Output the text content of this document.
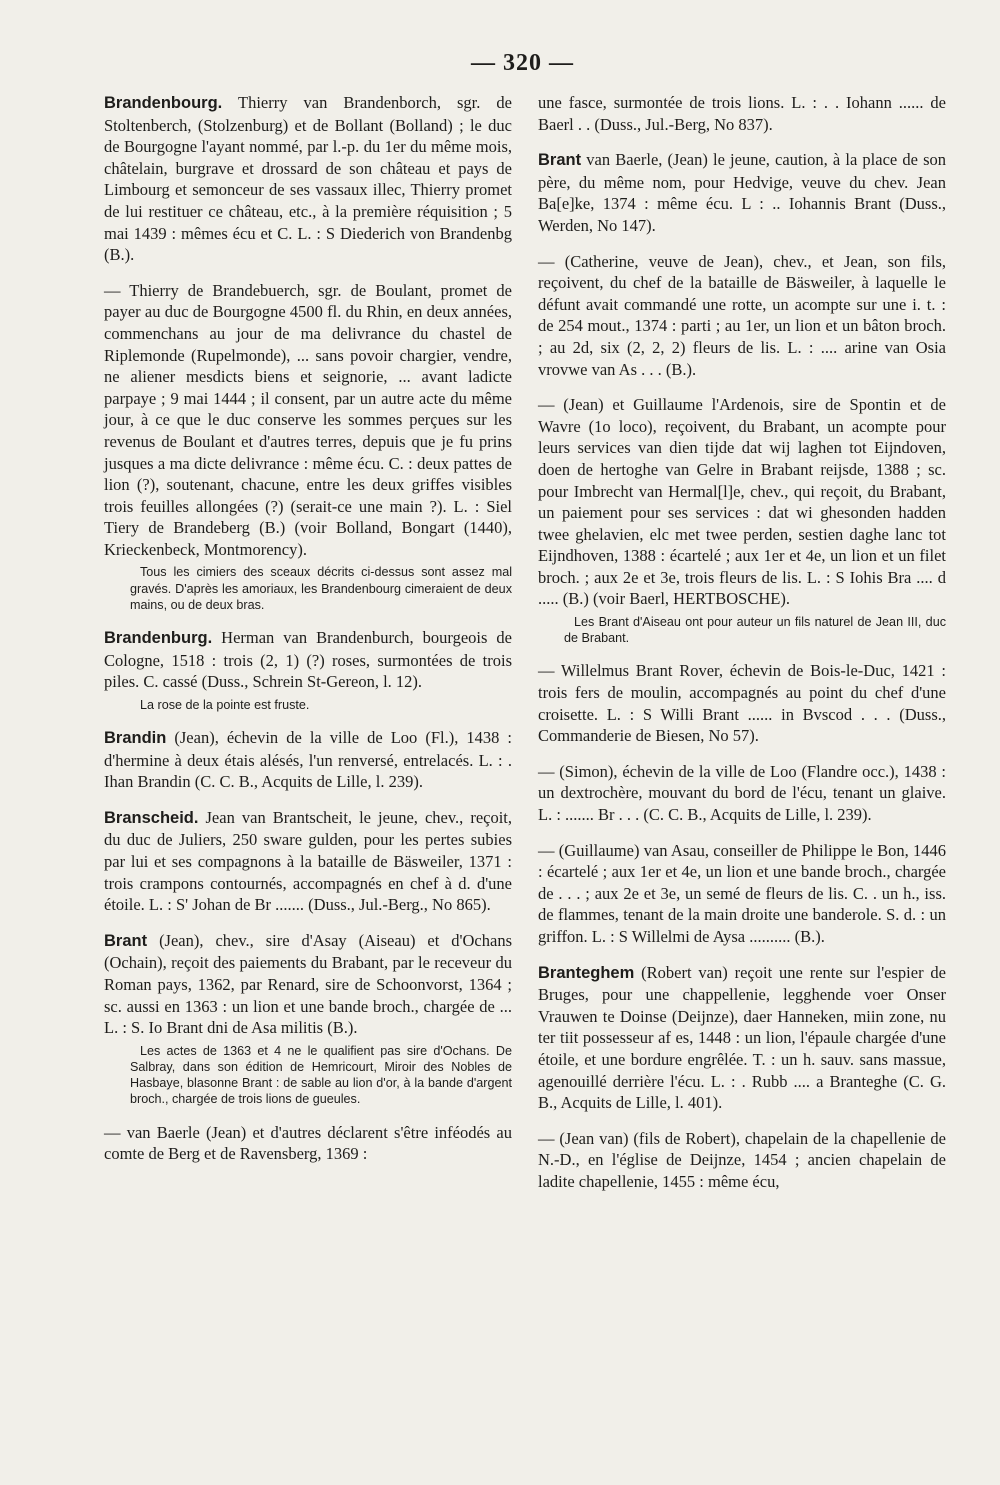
— 320 —

Brandenbourg. Thierry van Brandenborch, sgr. de Stoltenberch, (Stolzenburg) et de Bollant (Bolland) ; le duc de Bourgogne l'ayant nommé, par l.-p. du 1er du même mois, châtelain, burgrave et drossard de son château et pays de Limbourg et semonceur de ses vassaux illec, Thierry promet de lui restituer ce château, etc., à la première réquisition ; 5 mai 1439 : mêmes écu et C. L. : S Diederich von Brandenbg (B.).

— Thierry de Brandebuerch, sgr. de Boulant, promet de payer au duc de Bourgogne 4500 fl. du Rhin, en deux années, commenchans au jour de ma delivrance du chastel de Riplemonde (Rupelmonde), ... sans povoir chargier, vendre, ne aliener mesdicts biens et seignorie, ... avant ladicte parpaye ; 9 mai 1444 ; il consent, par un autre acte du même jour, à ce que le duc conserve les sommes perçues sur les revenus de Boulant et d'autres terres, depuis que je fu prins jusques a ma dicte delivrance : même écu. C. : deux pattes de lion (?), soutenant, chacune, entre les deux griffes visibles trois feuilles allongées (?) (serait-ce une main ?). L. : Siel Tiery de Brandeberg (B.) (voir Bolland, Bongart (1440), Krieckenbeck, Montmorency).

Tous les cimiers des sceaux décrits ci-dessus sont assez mal gravés. D'après les amoriaux, les Brandenbourg cimeraient de deux mains, ou de deux bras.

Brandenburg. Herman van Brandenburch, bourgeois de Cologne, 1518 : trois (2, 1) (?) roses, surmontées de trois piles. C. cassé (Duss., Schrein St-Gereon, l. 12).

La rose de la pointe est fruste.

Brandin (Jean), échevin de la ville de Loo (Fl.), 1438 : d'hermine à deux étais alésés, l'un renversé, entrelacés. L. : . Ihan Brandin (C. C. B., Acquits de Lille, l. 239).

Branscheid. Jean van Brantscheit, le jeune, chev., reçoit, du duc de Juliers, 250 sware gulden, pour les pertes subies par lui et ses compagnons à la bataille de Bäsweiler, 1371 : trois crampons contournés, accompagnés en chef à d. d'une étoile. L. : S' Johan de Br ....... (Duss., Jul.-Berg., No 865).

Brant (Jean), chev., sire d'Asay (Aiseau) et d'Ochans (Ochain), reçoit des paiements du Brabant, par le receveur du Roman pays, 1362, par Renard, sire de Schoonvorst, 1364 ; sc. aussi en 1363 : un lion et une bande broch., chargée de ... L. : S. Io Brant dni de Asa militis (B.).

Les actes de 1363 et 4 ne le qualifient pas sire d'Ochans. De Salbray, dans son édition de Hemricourt, Miroir des Nobles de Hasbaye, blasonne Brant : de sable au lion d'or, à la bande d'argent broch., chargée de trois lions de gueules.

— van Baerle (Jean) et d'autres déclarent s'être inféodés au comte de Berg et de Ravensberg, 1369 :

une fasce, surmontée de trois lions. L. : . . Iohann ...... de Baerl . . (Duss., Jul.-Berg, No 837).

Brant van Baerle, (Jean) le jeune, caution, à la place de son père, du même nom, pour Hedvige, veuve du chev. Jean Ba[e]ke, 1374 : même écu. L : .. Iohannis Brant (Duss., Werden, No 147).

— (Catherine, veuve de Jean), chev., et Jean, son fils, reçoivent, du chef de la bataille de Bäsweiler, à laquelle le défunt avait commandé une rotte, un acompte sur une i. t. : de 254 mout., 1374 : parti ; au 1er, un lion et un bâton broch. ; au 2d, six (2, 2, 2) fleurs de lis. L. : .... arine van Osia vrovwe van As . . . (B.).

— (Jean) et Guillaume l'Ardenois, sire de Spontin et de Wavre (1o loco), reçoivent, du Brabant, un acompte pour leurs services van dien tijde dat wij laghen tot Eijndoven, doen de hertoghe van Gelre in Brabant reijsde, 1388 ; sc. pour Imbrecht van Hermal[l]e, chev., qui reçoit, du Brabant, un paiement pour ses services : dat wi ghesonden hadden twee ghelavien, elc met twee perden, sestien daghe lanc tot Eijndhoven, 1388 : écartelé ; aux 1er et 4e, un lion et un filet broch. ; aux 2e et 3e, trois fleurs de lis. L. : S Iohis Bra .... d ..... (B.) (voir Baerl, HERTBOSCHE).

Les Brant d'Aiseau ont pour auteur un fils naturel de Jean III, duc de Brabant.

— Willelmus Brant Rover, échevin de Bois-le-Duc, 1421 : trois fers de moulin, accompagnés au point du chef d'une croisette. L. : S Willi Brant ...... in Bvscod . . . (Duss., Commanderie de Biesen, No 57).

— (Simon), échevin de la ville de Loo (Flandre occ.), 1438 : un dextrochère, mouvant du bord de l'écu, tenant un glaive. L. : ....... Br . . . (C. C. B., Acquits de Lille, l. 239).

— (Guillaume) van Asau, conseiller de Philippe le Bon, 1446 : écartelé ; aux 1er et 4e, un lion et une bande broch., chargée de . . . ; aux 2e et 3e, un semé de fleurs de lis. C. . un h., iss. de flammes, tenant de la main droite une banderole. S. d. : un griffon. L. : S Willelmi de Aysa .......... (B.).

Branteghem (Robert van) reçoit une rente sur l'espier de Bruges, pour une chappellenie, legghende voer Onser Vrauwen te Doinse (Deijnze), daer Hanneken, miin zone, nu ter tiit possesseur af es, 1448 : un lion, l'épaule chargée d'une étoile, et une bordure engrêlée. T. : un h. sauv. sans massue, agenouillé derrière l'écu. L. : . Rubb .... a Branteghe (C. G. B., Acquits de Lille, l. 401).

— (Jean van) (fils de Robert), chapelain de la chapellenie de N.-D., en l'église de Deijnze, 1454 ; ancien chapelain de ladite chapellenie, 1455 : même écu,
